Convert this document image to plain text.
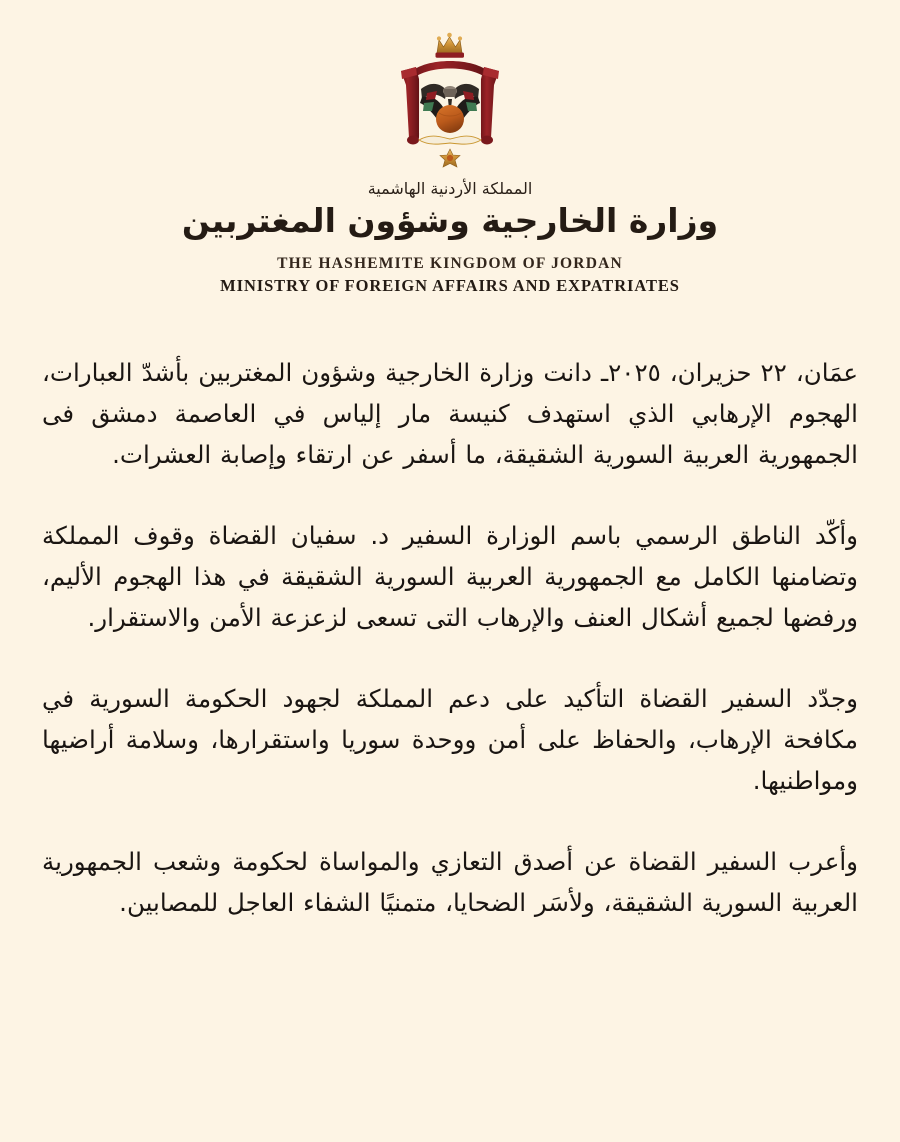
المملكة الأردنية الهاشمية
وزارة الخارجية وشؤون المغتربين
THE HASHEMITE KINGDOM OF JORDAN
MINISTRY OF FOREIGN AFFAIRS AND EXPATRIATES

عمَان، ٢٢ حزيران، ٢٠٢٥ـ دانت وزارة الخارجية وشؤون المغتربين بأشدّ العبارات، الهجوم الإرهابي الذي استهدف كنيسة مار إلياس في العاصمة دمشق فى الجمهورية العربية السورية الشقيقة، ما أسفر عن ارتقاء وإصابة العشرات.

وأكّد الناطق الرسمي باسم الوزارة السفير د. سفيان القضاة وقوف المملكة وتضامنها الكامل مع الجمهورية العربية السورية الشقيقة في هذا الهجوم الأليم، ورفضها لجميع أشكال العنف والإرهاب التى تسعى لزعزعة الأمن والاستقرار.

وجدّد السفير القضاة التأكيد على دعم المملكة لجهود الحكومة السورية في مكافحة الإرهاب، والحفاظ على أمن ووحدة سوريا واستقرارها، وسلامة أراضيها ومواطنيها.

وأعرب السفير القضاة عن أصدق التعازي والمواساة لحكومة وشعب الجمهورية العربية السورية الشقيقة، ولأسَر الضحايا، متمنيًا الشفاء العاجل للمصابين.
